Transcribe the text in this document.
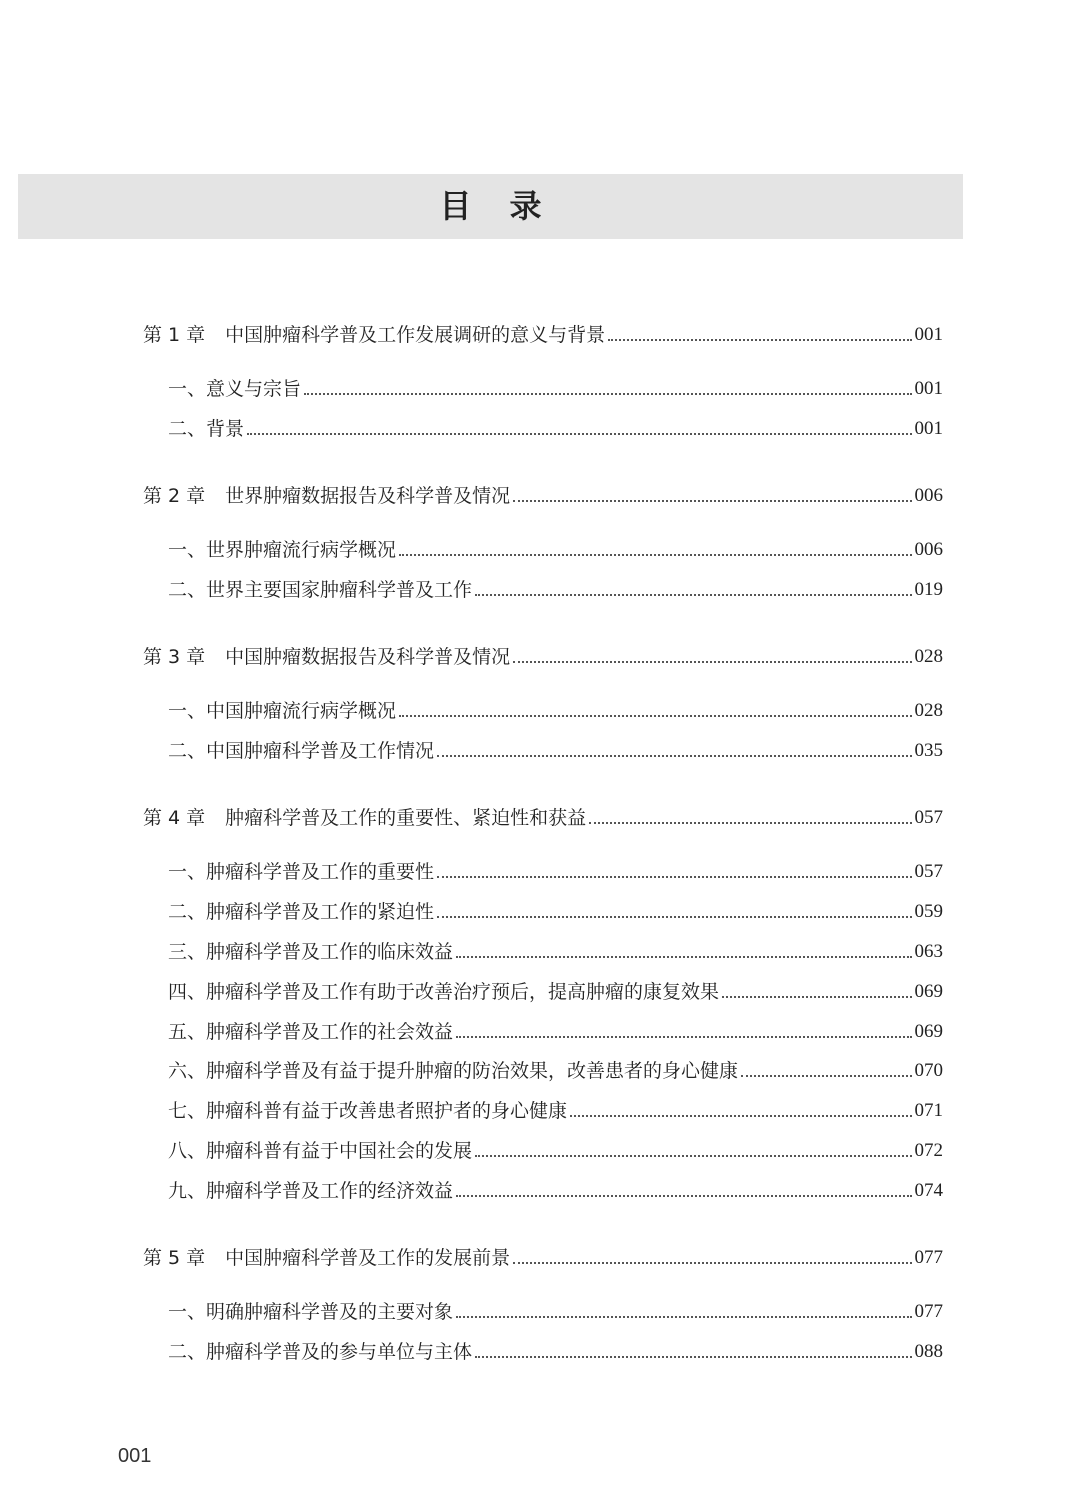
目 录
第 1 章 中国肿瘤科学普及工作发展调研的意义与背景	001
一、意义与宗旨	001
二、背景	001
第 2 章 世界肿瘤数据报告及科学普及情况	006
一、世界肿瘤流行病学概况	006
二、世界主要国家肿瘤科学普及工作	019
第 3 章 中国肿瘤数据报告及科学普及情况	028
一、中国肿瘤流行病学概况	028
二、中国肿瘤科学普及工作情况	035
第 4 章 肿瘤科学普及工作的重要性、紧迫性和获益	057
一、肿瘤科学普及工作的重要性	057
二、肿瘤科学普及工作的紧迫性	059
三、肿瘤科学普及工作的临床效益	063
四、肿瘤科学普及工作有助于改善治疗预后，提高肿瘤的康复效果	069
五、肿瘤科学普及工作的社会效益	069
六、肿瘤科学普及有益于提升肿瘤的防治效果，改善患者的身心健康	070
七、肿瘤科普有益于改善患者照护者的身心健康	071
八、肿瘤科普有益于中国社会的发展	072
九、肿瘤科学普及工作的经济效益	074
第 5 章 中国肿瘤科学普及工作的发展前景	077
一、明确肿瘤科学普及的主要对象	077
二、肿瘤科学普及的参与单位与主体	088
001
